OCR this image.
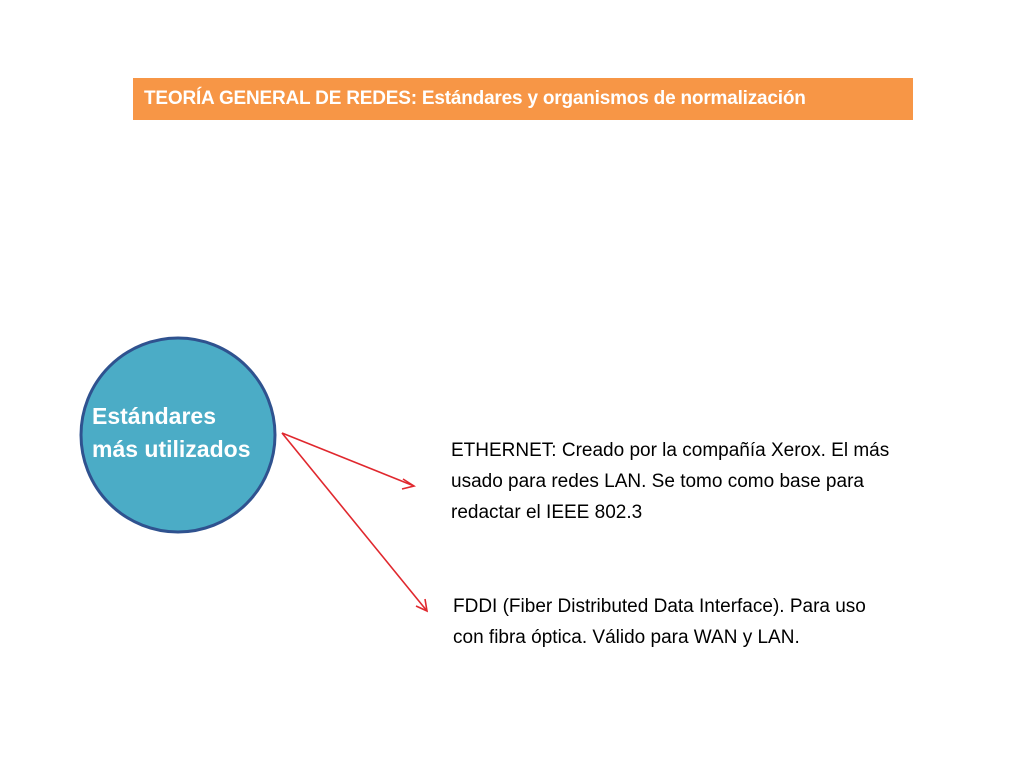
TEORÍA GENERAL DE REDES: Estándares y organismos de normalización
Estándares
más utilizados	ETHERNET: Creado por la compañía Xerox. El más
usado para redes LAN. Se tomo como base para
redactar el IEEE 802.3
FDDI (Fiber Distributed Data Interface). Para uso
con fibra óptica. Válido para WAN y LAN.
